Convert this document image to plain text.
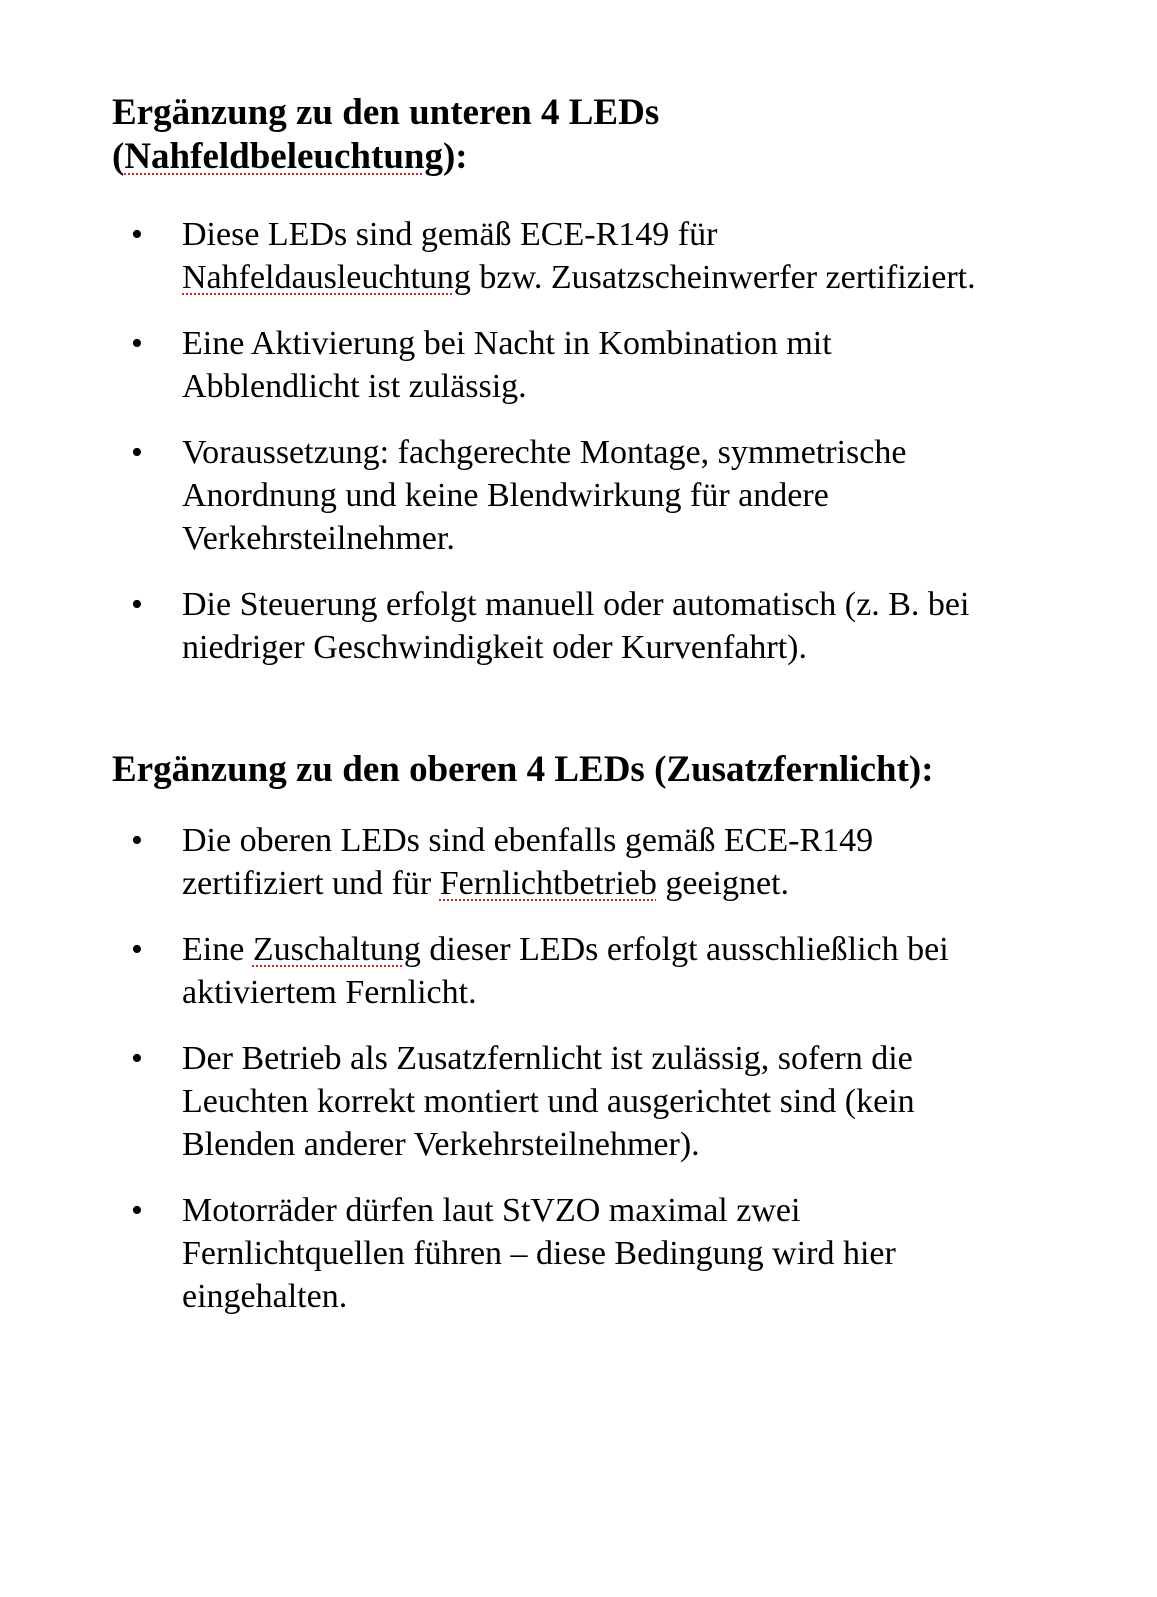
Ergänzung zu den unteren 4 LEDs
(Nahfeldbeleuchtung):
• Diese LEDs sind gemäß ECE-R149 für
Nahfeldausleuchtung bzw. Zusatzscheinwerfer zertifiziert.
• Eine Aktivierung bei Nacht in Kombination mit
Abblendlicht ist zulässig.
• Voraussetzung: fachgerechte Montage, symmetrische
Anordnung und keine Blendwirkung für andere
Verkehrsteilnehmer.
• Die Steuerung erfolgt manuell oder automatisch (z. B. bei
niedriger Geschwindigkeit oder Kurvenfahrt).
Ergänzung zu den oberen 4 LEDs (Zusatzfernlicht):
• Die oberen LEDs sind ebenfalls gemäß ECE-R149
zertifiziert und für Fernlichtbetrieb geeignet.
• Eine Zuschaltung dieser LEDs erfolgt ausschließlich bei
aktiviertem Fernlicht.
• Der Betrieb als Zusatzfernlicht ist zulässig, sofern die
Leuchten korrekt montiert und ausgerichtet sind (kein
Blenden anderer Verkehrsteilnehmer).
• Motorräder dürfen laut StVZO maximal zwei
Fernlichtquellen führen – diese Bedingung wird hier
eingehalten.
